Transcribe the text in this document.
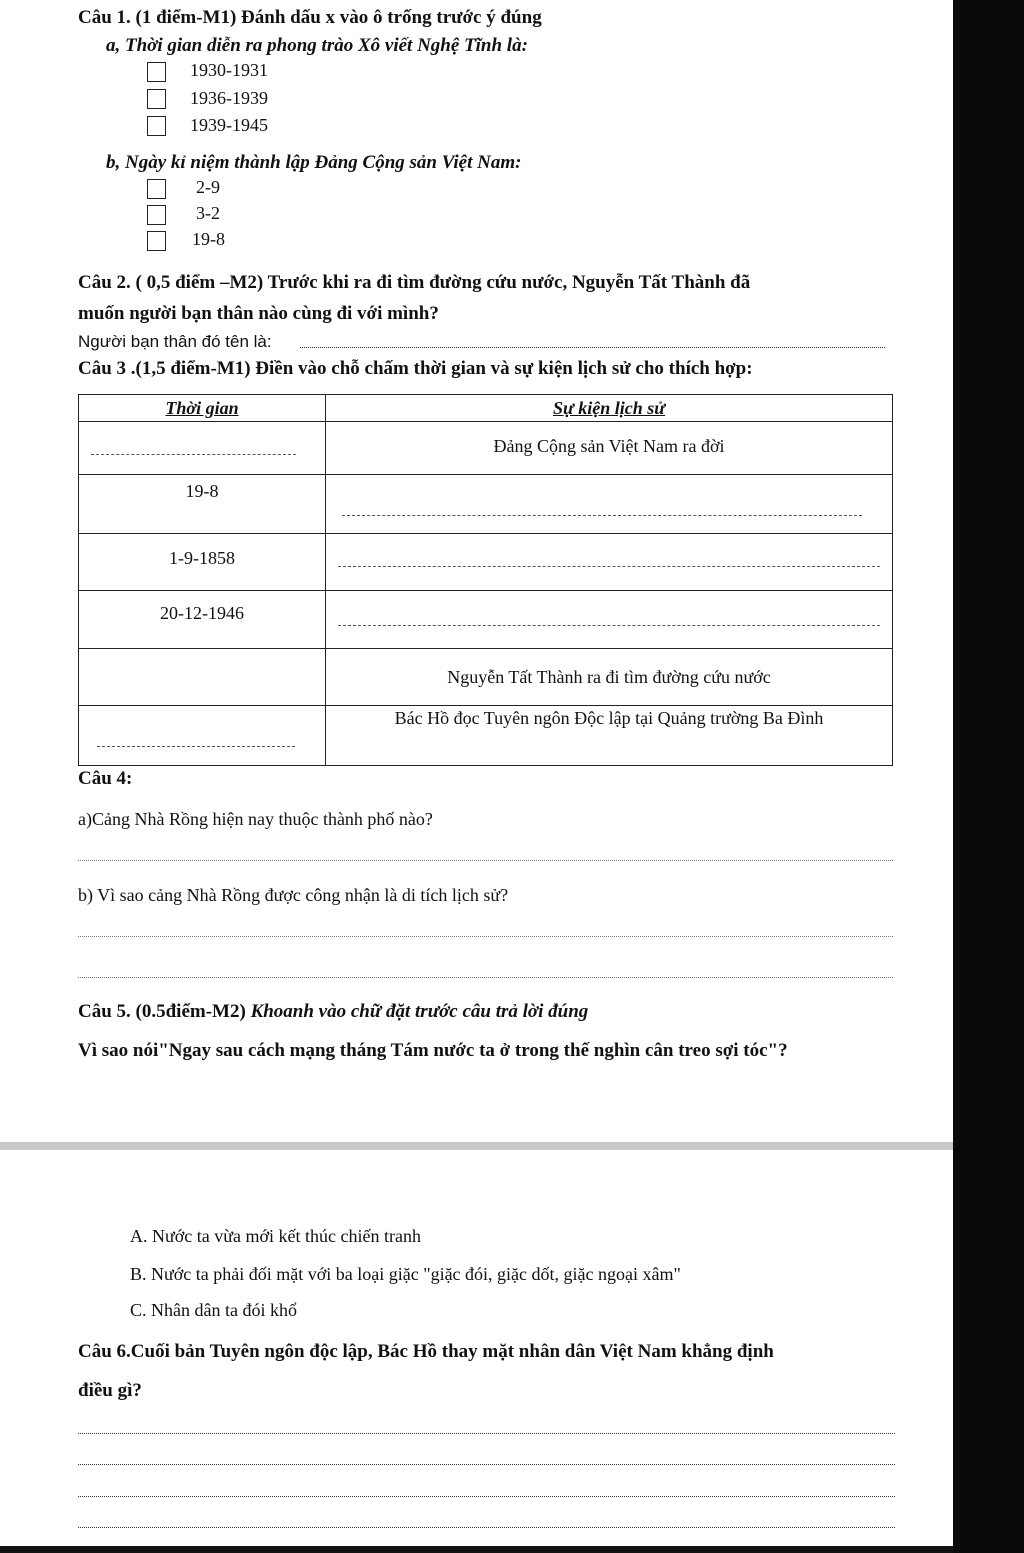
Câu 1. (1 điểm-M1) Đánh dấu x vào ô trống trước ý đúng
a, Thời gian diễn ra phong trào Xô viết Nghệ Tĩnh là:
1930-1931
1936-1939
1939-1945
b, Ngày kỉ niệm thành lập Đảng Cộng sản Việt Nam:
2-9
3-2
19-8
Câu 2. ( 0,5 điểm –M2) Trước khi ra đi tìm đường cứu nước, Nguyễn Tất Thành đã
muốn người bạn thân nào cùng đi với mình?
Người bạn thân đó tên là:
Câu 3 .(1,5 điểm-M1) Điền vào chỗ chấm thời gian và sự kiện lịch sử cho thích hợp:
Thời gian	Sự kiện lịch sử

	Đảng Cộng sản Việt Nam ra đời
19-8	

1-9-1858	

20-12-1946	

	Nguyễn Tất Thành ra đi tìm đường cứu nước

	Bác Hồ đọc Tuyên ngôn Độc lập tại Quảng trường Ba Đình
Câu 4:
a)Cảng Nhà Rồng hiện nay thuộc thành phố nào?
b) Vì sao cảng Nhà Rồng được công nhận là di tích lịch sử?
Câu 5. (0.5điểm-M2) Khoanh vào chữ đặt trước câu trả lời đúng
Vì sao nói"Ngay sau cách mạng tháng Tám nước ta ở trong thế nghìn cân treo sợi tóc"?
A. Nước ta vừa mới kết thúc chiến tranh
B. Nước ta phải đối mặt với ba loại giặc "giặc đói, giặc dốt, giặc ngoại xâm"
C. Nhân dân ta đói khổ
Câu 6.Cuối bản Tuyên ngôn độc lập, Bác Hồ thay mặt nhân dân Việt Nam khẳng định
điều gì?
